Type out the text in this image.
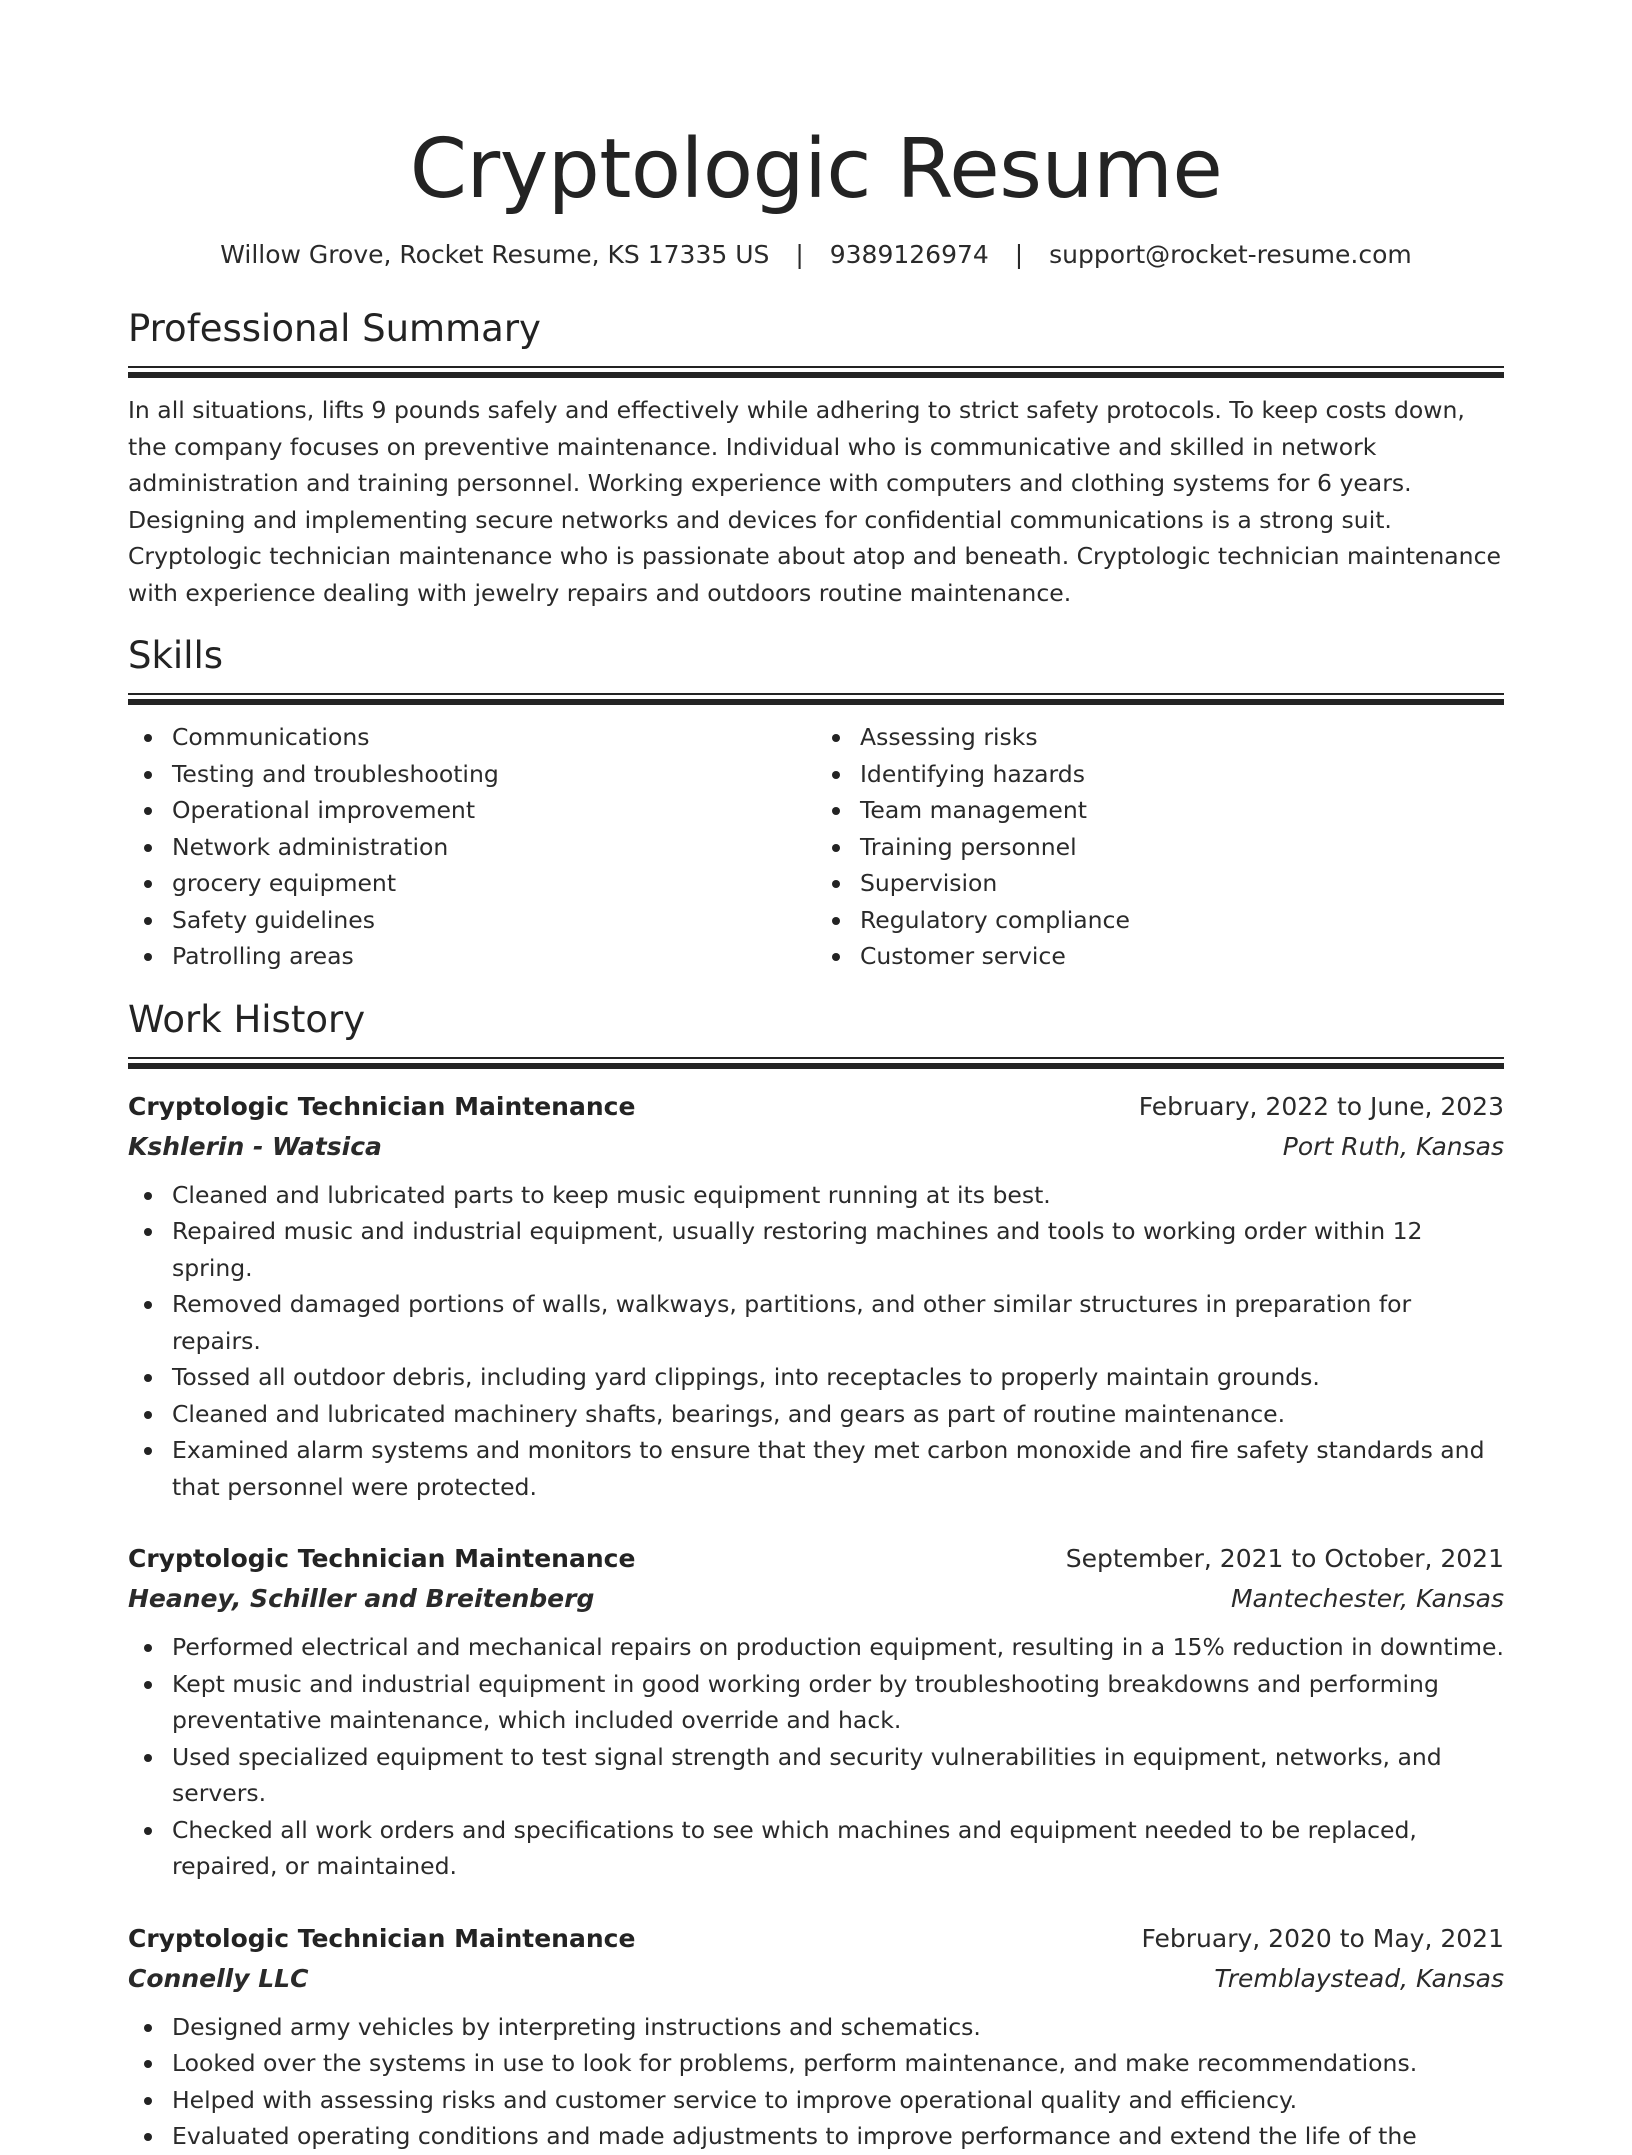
Cryptologic Resume
Willow Grove, Rocket Resume, KS 17335 US | 9389126974 | support@rocket-resume.com
Professional Summary

In all situations, lifts 9 pounds safely and effectively while adhering to strict safety protocols. To keep costs down, the company focuses on preventive maintenance. Individual who is communicative and skilled in network administration and training personnel. Working experience with computers and clothing systems for 6 years. Designing and implementing secure networks and devices for confidential communications is a strong suit. Cryptologic technician maintenance who is passionate about atop and beneath. Cryptologic technician maintenance with experience dealing with jewelry repairs and outdoors routine maintenance.

Skills
Communications
Testing and troubleshooting
Operational improvement
Network administration
grocery equipment
Safety guidelines
Patrolling areas
Assessing risks
Identifying hazards
Team management
Training personnel
Supervision
Regulatory compliance
Customer service
Work History
Cryptologic Technician Maintenance	February, 2022 to June, 2023
Kshlerin - Watsica	Port Ruth, Kansas
Cleaned and lubricated parts to keep music equipment running at its best.
Repaired music and industrial equipment, usually restoring machines and tools to working order within 12 spring.
Removed damaged portions of walls, walkways, partitions, and other similar structures in preparation for repairs.
Tossed all outdoor debris, including yard clippings, into receptacles to properly maintain grounds.
Cleaned and lubricated machinery shafts, bearings, and gears as part of routine maintenance.
Examined alarm systems and monitors to ensure that they met carbon monoxide and fire safety standards and that personnel were protected.
Cryptologic Technician Maintenance	September, 2021 to October, 2021
Heaney, Schiller and Breitenberg	Mantechester, Kansas
Performed electrical and mechanical repairs on production equipment, resulting in a 15% reduction in downtime.
Kept music and industrial equipment in good working order by troubleshooting breakdowns and performing preventative maintenance, which included override and hack.
Used specialized equipment to test signal strength and security vulnerabilities in equipment, networks, and servers.
Checked all work orders and specifications to see which machines and equipment needed to be replaced, repaired, or maintained.
Cryptologic Technician Maintenance	February, 2020 to May, 2021
Connelly LLC	Tremblaystead, Kansas
Designed army vehicles by interpreting instructions and schematics.
Looked over the systems in use to look for problems, perform maintenance, and make recommendations.
Helped with assessing risks and customer service to improve operational quality and efficiency.
Evaluated operating conditions and made adjustments to improve performance and extend the life of the
